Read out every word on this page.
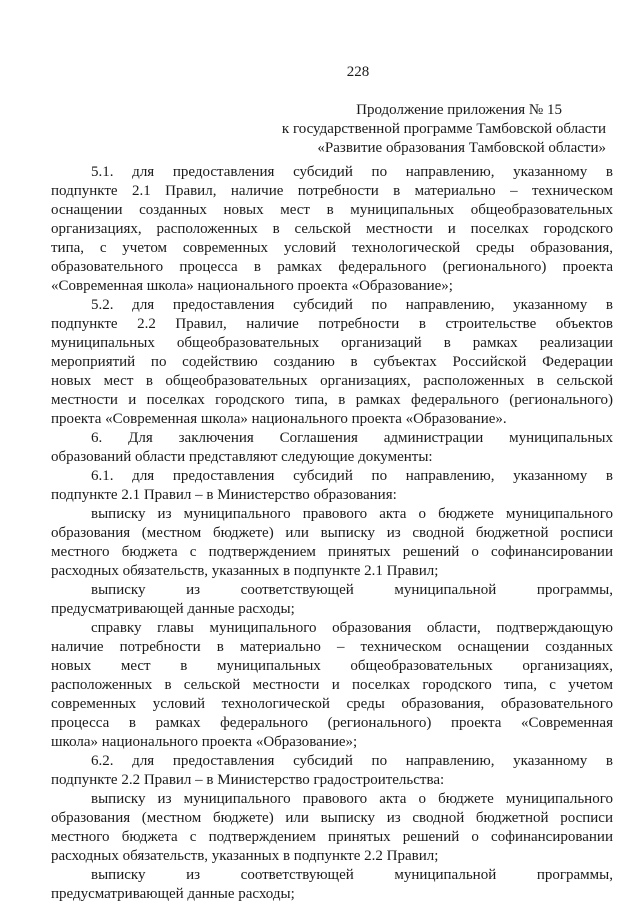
228
Продолжение приложения № 15
к государственной программе Тамбовской области
«Развитие образования Тамбовской области»
5.1. для предоставления субсидий по направлению, указанному в
подпункте 2.1 Правил, наличие потребности в материально – техническом
оснащении созданных новых мест в муниципальных общеобразовательных
организациях, расположенных в сельской местности и поселках городского
типа, с учетом современных условий технологической среды образования,
образовательного процесса в рамках федерального (регионального) проекта
«Современная школа» национального проекта «Образование»;
5.2. для предоставления субсидий по направлению, указанному в
подпункте 2.2 Правил, наличие потребности в строительстве объектов
муниципальных общеобразовательных организаций в рамках реализации
мероприятий по содействию созданию в субъектах Российской Федерации
новых мест в общеобразовательных организациях, расположенных в сельской
местности и поселках городского типа, в рамках федерального (регионального)
проекта «Современная школа» национального проекта «Образование».
6. Для заключения Соглашения администрации муниципальных
образований области представляют следующие документы:
6.1. для предоставления субсидий по направлению, указанному в
подпункте 2.1 Правил – в Министерство образования:
выписку из муниципального правового акта о бюджете муниципального
образования (местном бюджете) или выписку из сводной бюджетной росписи
местного бюджета с подтверждением принятых решений о софинансировании
расходных обязательств, указанных в подпункте 2.1 Правил;
выписку из соответствующей муниципальной программы,
предусматривающей данные расходы;
справку главы муниципального образования области, подтверждающую
наличие потребности в материально – техническом оснащении созданных
новых мест в муниципальных общеобразовательных организациях,
расположенных в сельской местности и поселках городского типа, с учетом
современных условий технологической среды образования, образовательного
процесса в рамках федерального (регионального) проекта «Современная
школа» национального проекта «Образование»;
6.2. для предоставления субсидий по направлению, указанному в
подпункте 2.2 Правил – в Министерство градостроительства:
выписку из муниципального правового акта о бюджете муниципального
образования (местном бюджете) или выписку из сводной бюджетной росписи
местного бюджета с подтверждением принятых решений о софинансировании
расходных обязательств, указанных в подпункте 2.2 Правил;
выписку из соответствующей муниципальной программы,
предусматривающей данные расходы;
